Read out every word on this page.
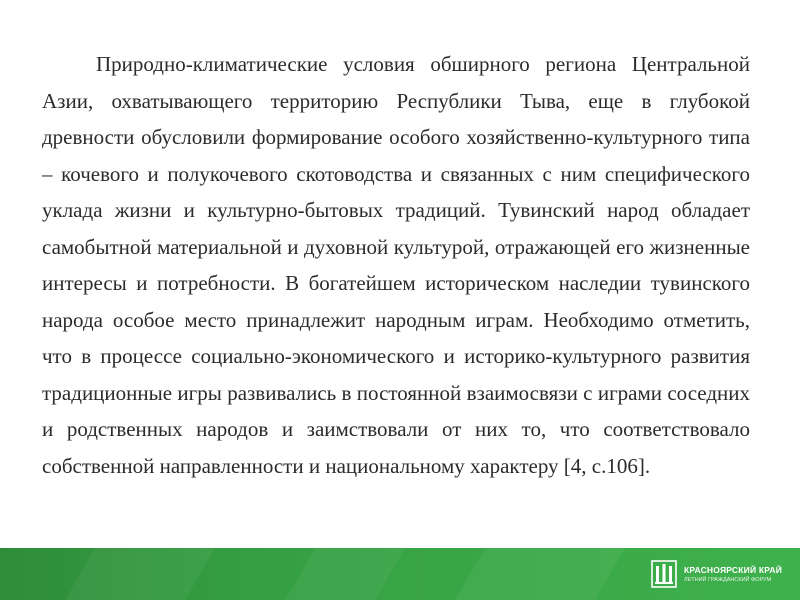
Природно-климатические условия обширного региона Центральной Азии, охватывающего территорию Республики Тыва, еще в глубокой древности обусловили формирование особого хозяйственно-культурного типа – кочевого и полукочевого скотоводства и связанных с ним специфического уклада жизни и культурно-бытовых традиций. Тувинский народ обладает самобытной материальной и духовной культурой, отражающей его жизненные интересы и потребности. В богатейшем историческом наследии тувинского народа особое место принадлежит народным играм. Необходимо отметить, что в процессе социально-экономического и историко-культурного развития традиционные игры развивались в постоянной взаимосвязи с играми соседних и родственных народов и заимствовали от них то, что соответствовало собственной направленности и национальному характеру [4, с.106].

КРАСНОЯРСКИЙ КРАЙ
ЛЕТНИЙ ГРАЖДАНСКИЙ ФОРУМ
